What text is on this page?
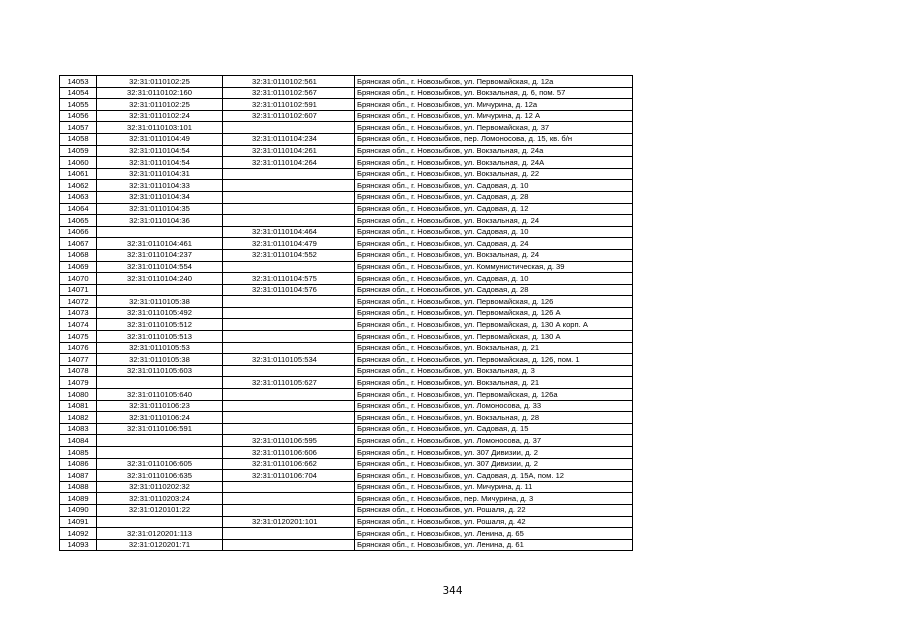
14053	32:31:0110102:25	32:31:0110102:561	Брянская обл., г. Новозыбков, ул. Первомайская, д. 12а
14054	32:31:0110102:160	32:31:0110102:567	Брянская обл., г. Новозыбков, ул. Вокзальная, д. 6, пом. 57
14055	32:31:0110102:25	32:31:0110102:591	Брянская обл., г. Новозыбков, ул. Мичурина, д. 12а
14056	32:31:0110102:24	32:31:0110102:607	Брянская обл., г. Новозыбков, ул. Мичурина, д. 12 А
14057	32:31:0110103:101		Брянская обл., г. Новозыбков, ул. Первомайская, д. 37
14058	32:31:0110104:49	32:31:0110104:234	Брянская обл., г. Новозыбков, пер. Ломоносова, д. 15, кв. б/н
14059	32:31:0110104:54	32:31:0110104:261	Брянская обл., г. Новозыбков, ул. Вокзальная, д. 24а
14060	32:31:0110104:54	32:31:0110104:264	Брянская обл., г. Новозыбков, ул. Вокзальная, д. 24А
14061	32:31:0110104:31		Брянская обл., г. Новозыбков, ул. Вокзальная, д. 22
14062	32:31:0110104:33		Брянская обл., г. Новозыбков, ул. Садовая, д. 10
14063	32:31:0110104:34		Брянская обл., г. Новозыбков, ул. Садовая, д. 28
14064	32:31:0110104:35		Брянская обл., г. Новозыбков, ул. Садовая, д. 12
14065	32:31:0110104:36		Брянская обл., г. Новозыбков, ул. Вокзальная, д. 24
14066		32:31:0110104:464	Брянская обл., г. Новозыбков, ул. Садовая, д. 10
14067	32:31:0110104:461	32:31:0110104:479	Брянская обл., г. Новозыбков, ул. Садовая, д. 24
14068	32:31:0110104:237	32:31:0110104:552	Брянская обл., г. Новозыбков, ул. Вокзальная, д. 24
14069	32:31:0110104:554		Брянская обл., г. Новозыбков, ул. Коммунистическая, д. 39
14070	32:31:0110104:240	32:31:0110104:575	Брянская обл., г. Новозыбков, ул. Садовая, д. 10
14071		32:31:0110104:576	Брянская обл., г. Новозыбков, ул. Садовая, д. 28
14072	32:31:0110105:38		Брянская обл., г. Новозыбков, ул. Первомайская, д. 126
14073	32:31:0110105:492		Брянская обл., г. Новозыбков, ул. Первомайская, д. 126 А
14074	32:31:0110105:512		Брянская обл., г. Новозыбков, ул. Первомайская, д. 130 А корп. А
14075	32:31:0110105:513		Брянская обл., г. Новозыбков, ул. Первомайская, д. 130 А
14076	32:31:0110105:53		Брянская обл., г. Новозыбков, ул. Вокзальная, д. 21
14077	32:31:0110105:38	32:31:0110105:534	Брянская обл., г. Новозыбков, ул. Первомайская, д. 126, пом. 1
14078	32:31:0110105:603		Брянская обл., г. Новозыбков, ул. Вокзальная, д. 3
14079		32:31:0110105:627	Брянская обл., г. Новозыбков, ул. Вокзальная, д. 21
14080	32:31:0110105:640		Брянская обл., г. Новозыбков, ул. Первомайская, д. 126а
14081	32:31:0110106:23		Брянская обл., г. Новозыбков, ул. Ломоносова, д. 33
14082	32:31:0110106:24		Брянская обл., г. Новозыбков, ул. Вокзальная, д. 28
14083	32:31:0110106:591		Брянская обл., г. Новозыбков, ул. Садовая, д. 15
14084		32:31:0110106:595	Брянская обл., г. Новозыбков, ул. Ломоносова, д. 37
14085		32:31:0110106:606	Брянская обл., г. Новозыбков, ул. 307 Дивизии, д. 2
14086	32:31:0110106:605	32:31:0110106:662	Брянская обл., г. Новозыбков, ул. 307 Дивизии, д. 2
14087	32:31:0110106:635	32:31:0110106:704	Брянская обл., г. Новозыбков, ул. Садовая, д. 15А, пом. 12
14088	32:31:0110202:32		Брянская обл., г. Новозыбков, ул. Мичурина, д. 11
14089	32:31:0110203:24		Брянская обл., г. Новозыбков, пер. Мичурина, д. 3
14090	32:31:0120101:22		Брянская обл., г. Новозыбков, ул. Рошаля, д. 22
14091		32:31:0120201:101	Брянская обл., г. Новозыбков, ул. Рошаля, д. 42
14092	32:31:0120201:113		Брянская обл., г. Новозыбков, ул. Ленина, д. 65
14093	32:31:0120201:71		Брянская обл., г. Новозыбков, ул. Ленина, д. 61
344
